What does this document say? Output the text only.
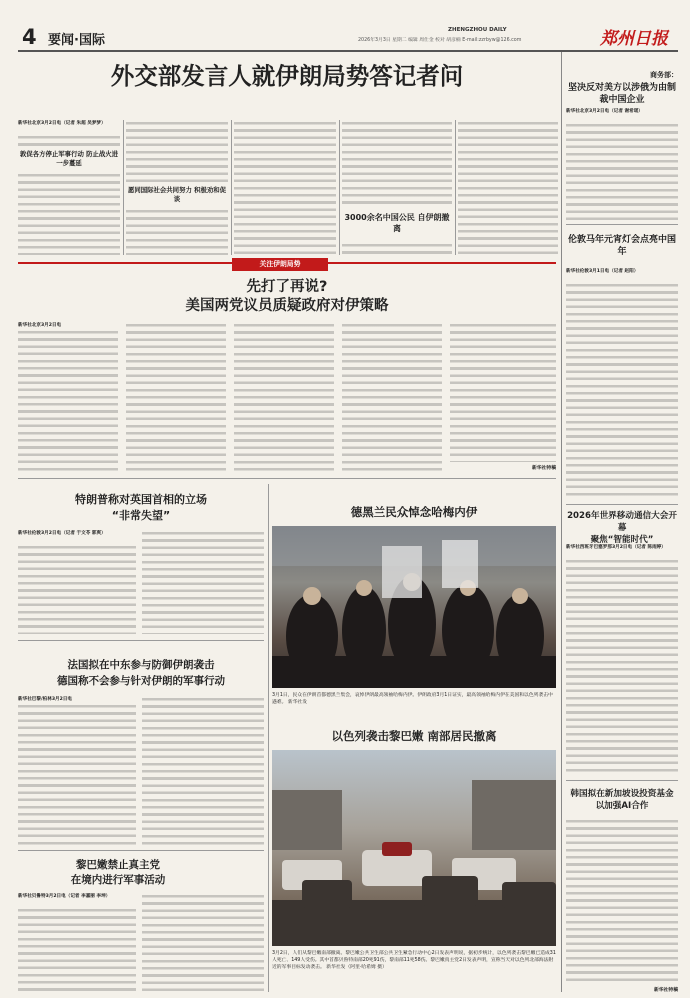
4 要闻·国际
ZHENGZHOU DAILY
2026年3月3日 星期二 编辑 周仕金 校对 胡彦楠 E-mail:zzrbyw@126.com	郑州日报
外交部发言人就伊朗局势答记者问
新华社北京3月2日电（记者 朱超 吴梦梦）
敦促各方停止军事行动 防止战火进一步蔓延
愿同国际社会共同努力 积极劝和促谈
3000余名中国公民 自伊朗撤离
商务部：
坚决反对美方以涉俄为由制裁中国企业
新华社北京3月2日电（记者 谢希瑶）
伦敦马年元宵灯会点亮中国年
新华社伦敦3月1日电（记者 赵阳）
2026年世界移动通信大会开幕
聚焦“智能时代”
新华社西班牙巴塞罗那3月2日电（记者 陈雨婷）
韩国拟在新加坡设投资基金
以加强AI合作
新华社特稿
关注伊朗局势
先打了再说?
美国两党议员质疑政府对伊策略
新华社北京3月2日电
新华社特稿
特朗普称对英国首相的立场
“非常失望”
新华社伦敦3月2日电（记者 于文苓 郭爽）
法国拟在中东参与防御伊朗袭击
德国称不会参与针对伊朗的军事行动
新华社巴黎/柏林3月2日电
黎巴嫩禁止真主党
在境内进行军事活动
新华社贝鲁特3月2日电（记者 李嘉丽 李坤）
德黑兰民众悼念哈梅内伊
3月1日，民众在伊朗首都德黑兰集会，哀悼伊朗最高领袖哈梅内伊。伊朗政府3月1日证实，最高领袖哈梅内伊在美国和以色列袭击中遇难。 新华社发
以色列袭击黎巴嫩 南部居民撤离
3月2日，人们从黎巴嫩南部撤离。黎巴嫩公共卫生部公共卫生紧急行动中心2日发表声明说，据初步统计，以色列袭击黎巴嫩已造成31人死亡、149人受伤。其中首都贝鲁特南部20死91伤，黎南部11死58伤。黎巴嫩真主党2日发表声明，宣称当天对以色列北部海法附近的军事目标发动袭击。 新华社发（阿里·哈希姆 摄）
